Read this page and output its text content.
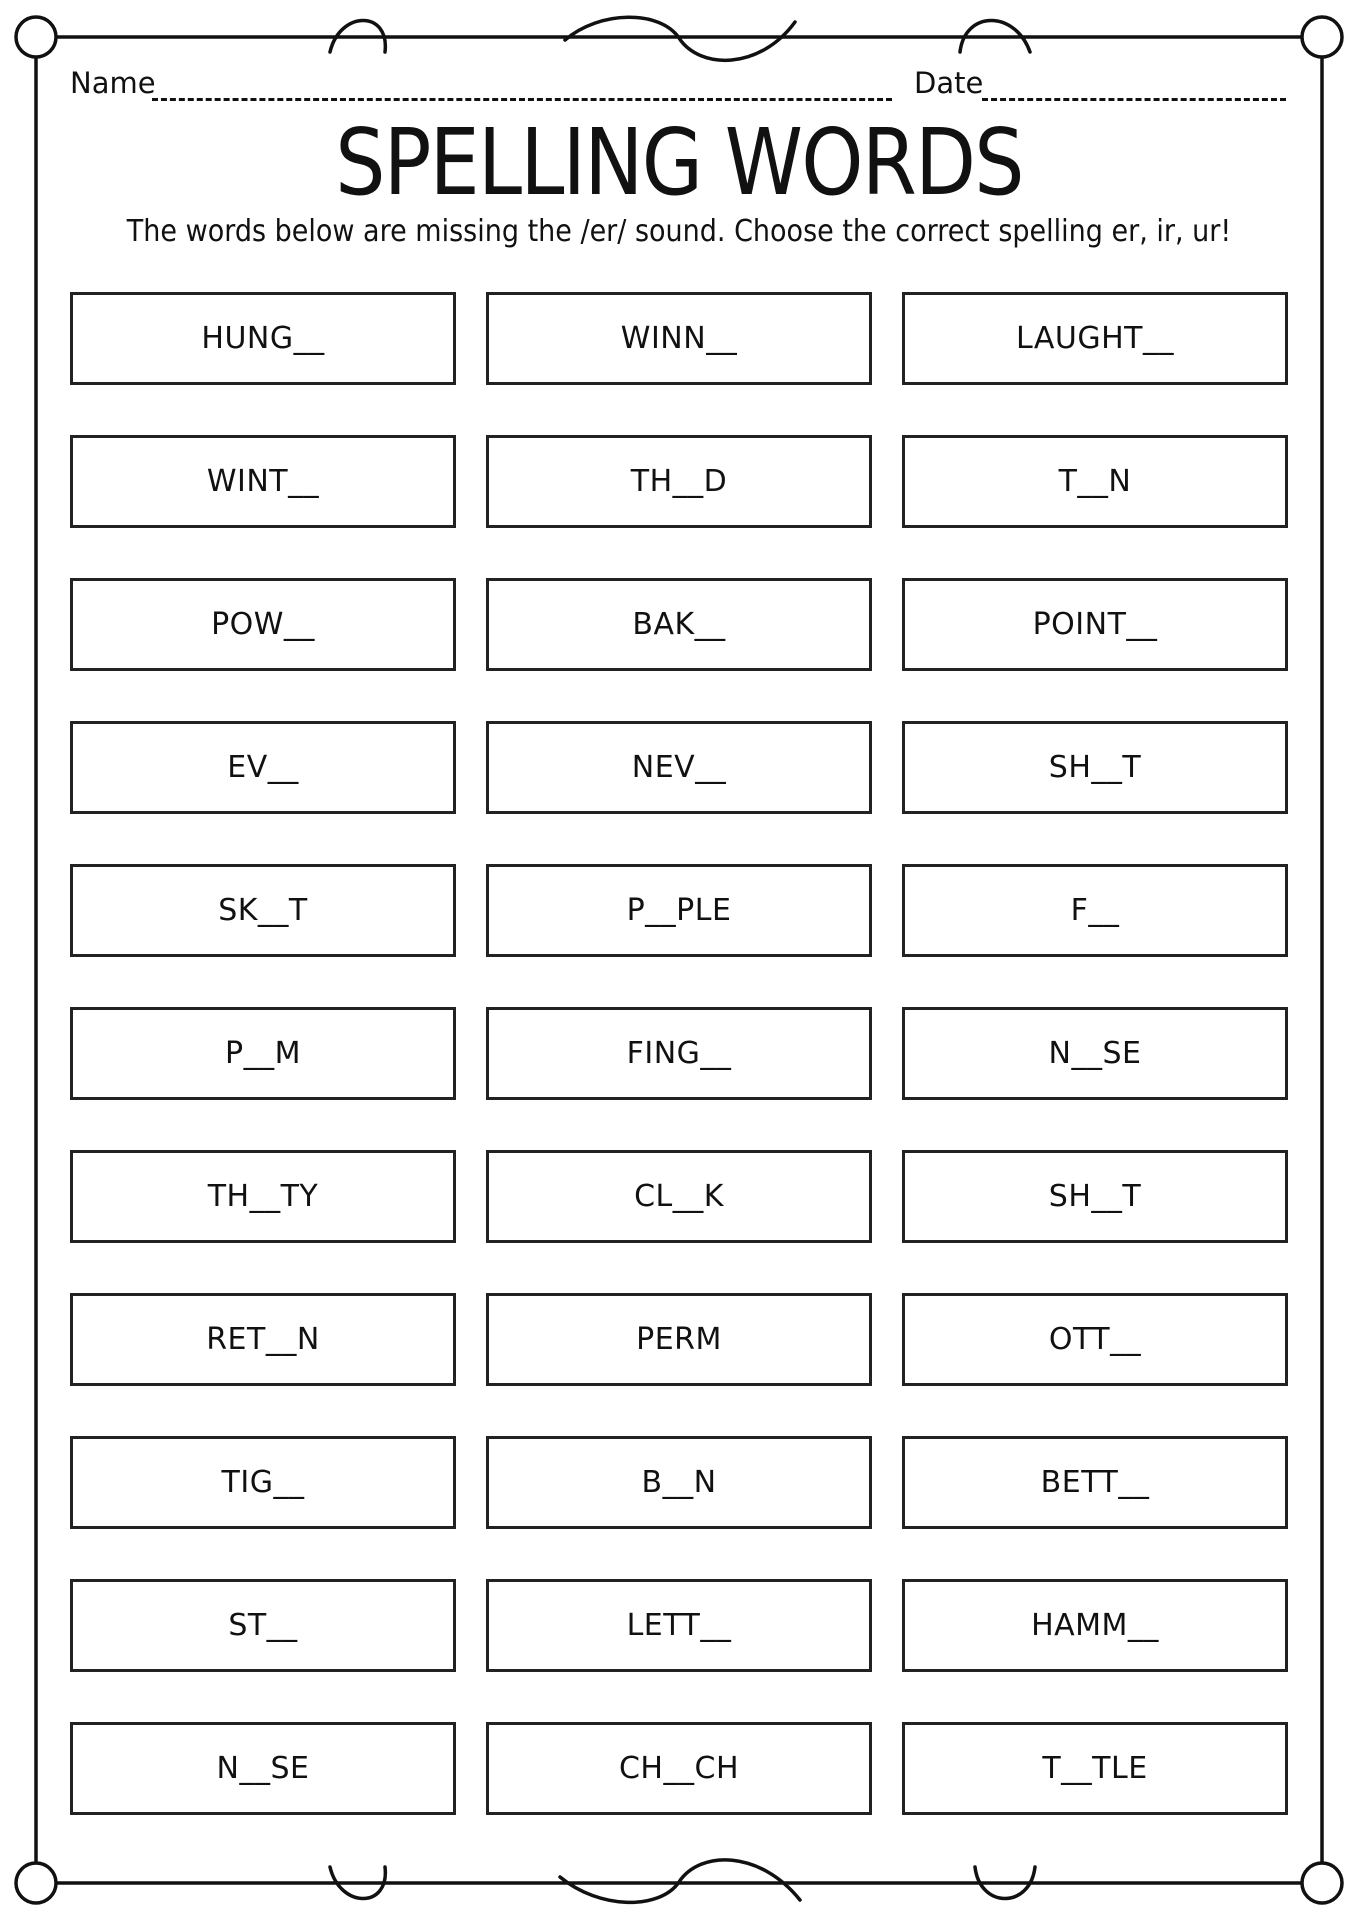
Name	Date
SPELLING WORDS
The words below are missing the /er/ sound. Choose the correct spelling er, ir, ur!
HUNG__	WINN__	LAUGHT__
WINT__	TH__D	T__N
POW__	BAK__	POINT__
EV__	NEV__	SH__T
SK__T	P__PLE	F__
P__M	FING__	N__SE
TH__TY	CL__K	SH__T
RET__N	PERM	OTT__
TIG__	B__N	BETT__
ST__	LETT__	HAMM__
N__SE	CH__CH	T__TLE
